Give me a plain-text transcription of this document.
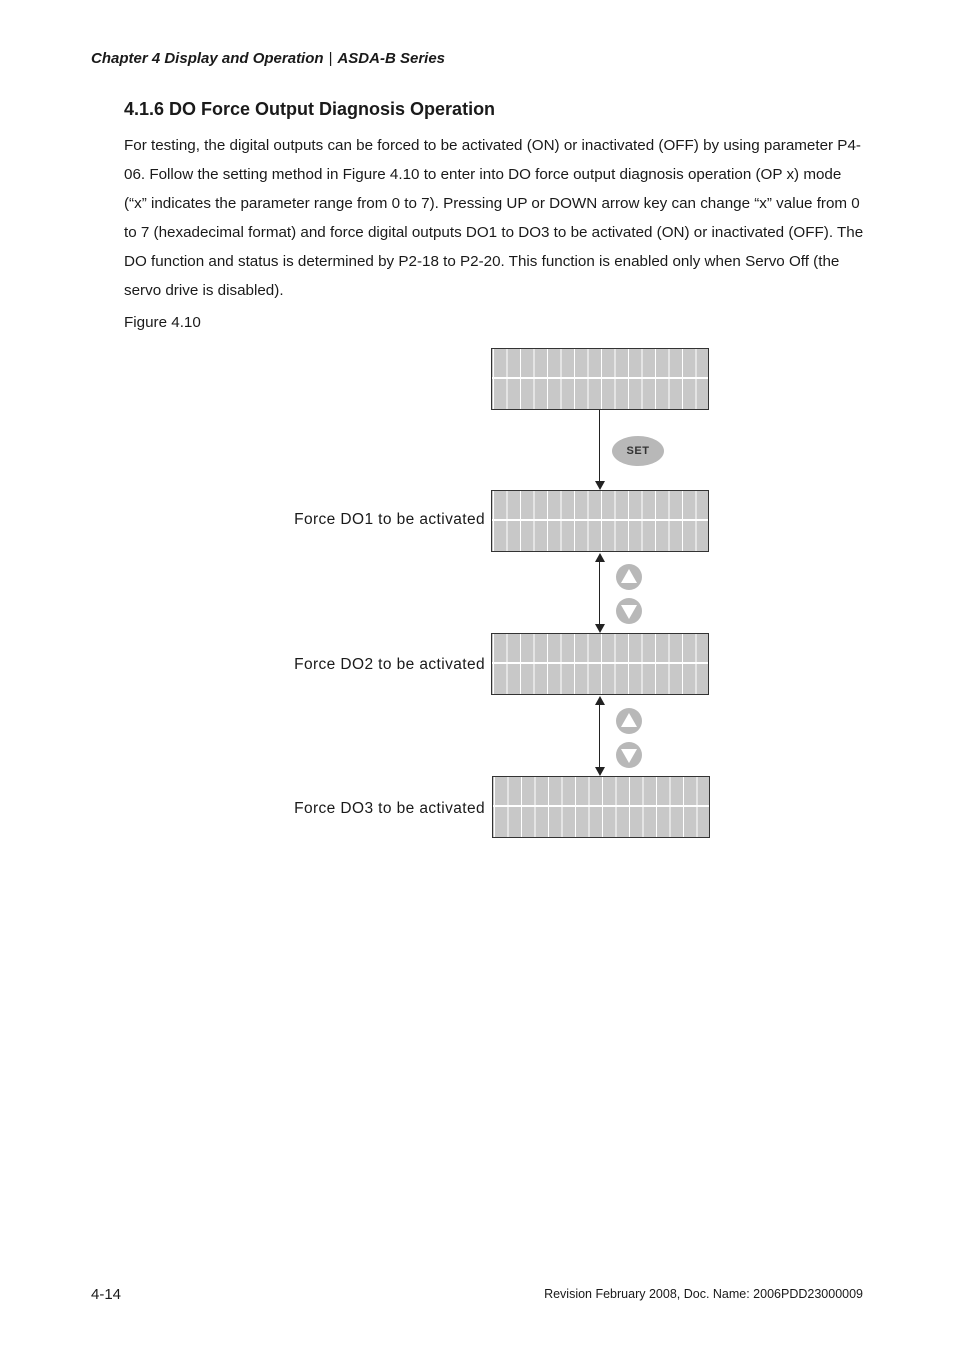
Chapter 4 Display and Operation | ASDA-B Series
4.1.6 DO Force Output Diagnosis Operation

For testing, the digital outputs can be forced to be activated (ON) or inactivated (OFF) by using parameter P4-06. Follow the setting method in Figure 4.10 to enter into DO force output diagnosis operation (OP x) mode (“x” indicates the parameter range from 0 to 7). Pressing UP or DOWN arrow key can change “x” value from 0 to 7 (hexadecimal format) and force digital outputs DO1 to DO3 to be activated (ON) or inactivated (OFF). The DO function and status is determined by P2-18 to P2-20. This function is enabled only when Servo Off (the servo drive is disabled).

Figure 4.10
SET
Force DO1 to be activated
Force DO2 to be activated
Force DO3 to be activated
4-14	Revision February 2008, Doc. Name: 2006PDD23000009
